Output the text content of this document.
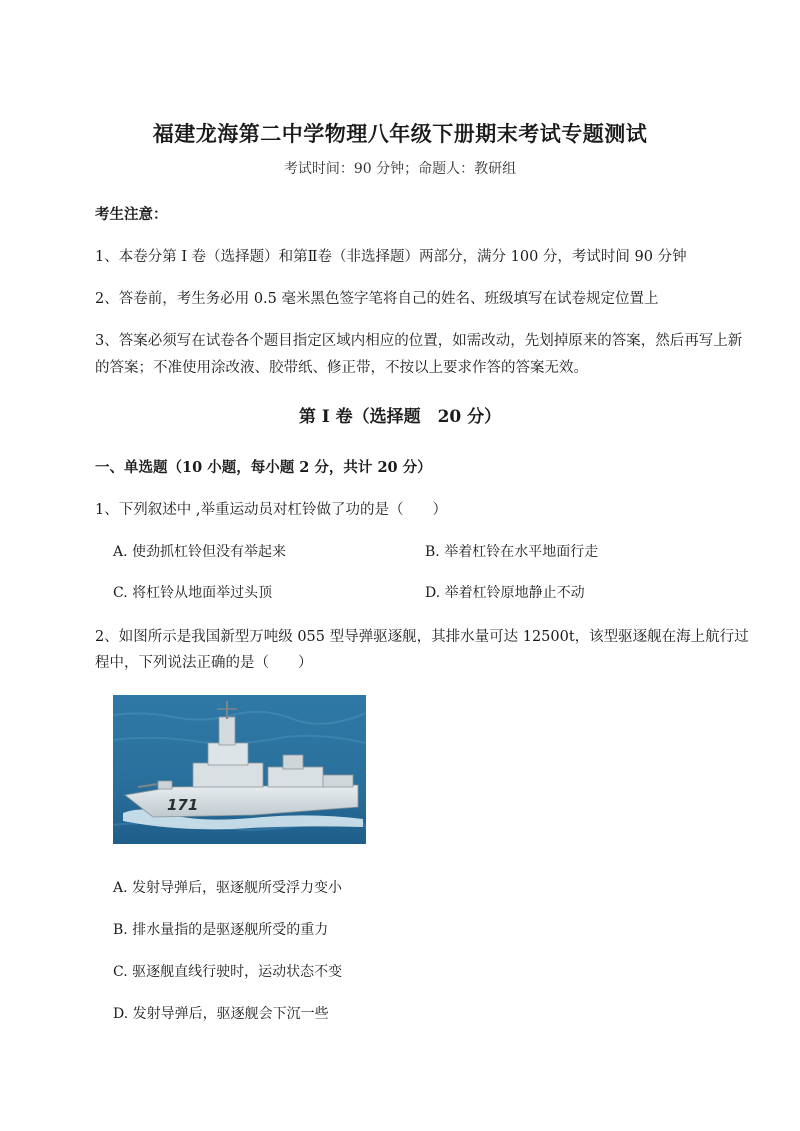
福建龙海第二中学物理八年级下册期末考试专题测试
考试时间：90 分钟；命题人：教研组
考生注意：
1、本卷分第 I 卷（选择题）和第Ⅱ卷（非选择题）两部分，满分 100 分，考试时间 90 分钟
2、答卷前，考生务必用 0.5 毫米黑色签字笔将自己的姓名、班级填写在试卷规定位置上
3、答案必须写在试卷各个题目指定区域内相应的位置，如需改动，先划掉原来的答案，然后再写上新
的答案；不准使用涂改液、胶带纸、修正带，不按以上要求作答的答案无效。
第 I 卷（选择题　20 分）
一、单选题（10 小题，每小题 2 分，共计 20 分）
1、下列叙述中 ,举重运动员对杠铃做了功的是（　　）
A. 使劲抓杠铃但没有举起来	B. 举着杠铃在水平地面行走
C. 将杠铃从地面举过头顶	D. 举着杠铃原地静止不动
2、如图所示是我国新型万吨级 055 型导弹驱逐舰，其排水量可达 12500t，该型驱逐舰在海上航行过
程中，下列说法正确的是（　　）
171
A. 发射导弹后，驱逐舰所受浮力变小
B. 排水量指的是驱逐舰所受的重力
C. 驱逐舰直线行驶时，运动状态不变
D. 发射导弹后，驱逐舰会下沉一些
